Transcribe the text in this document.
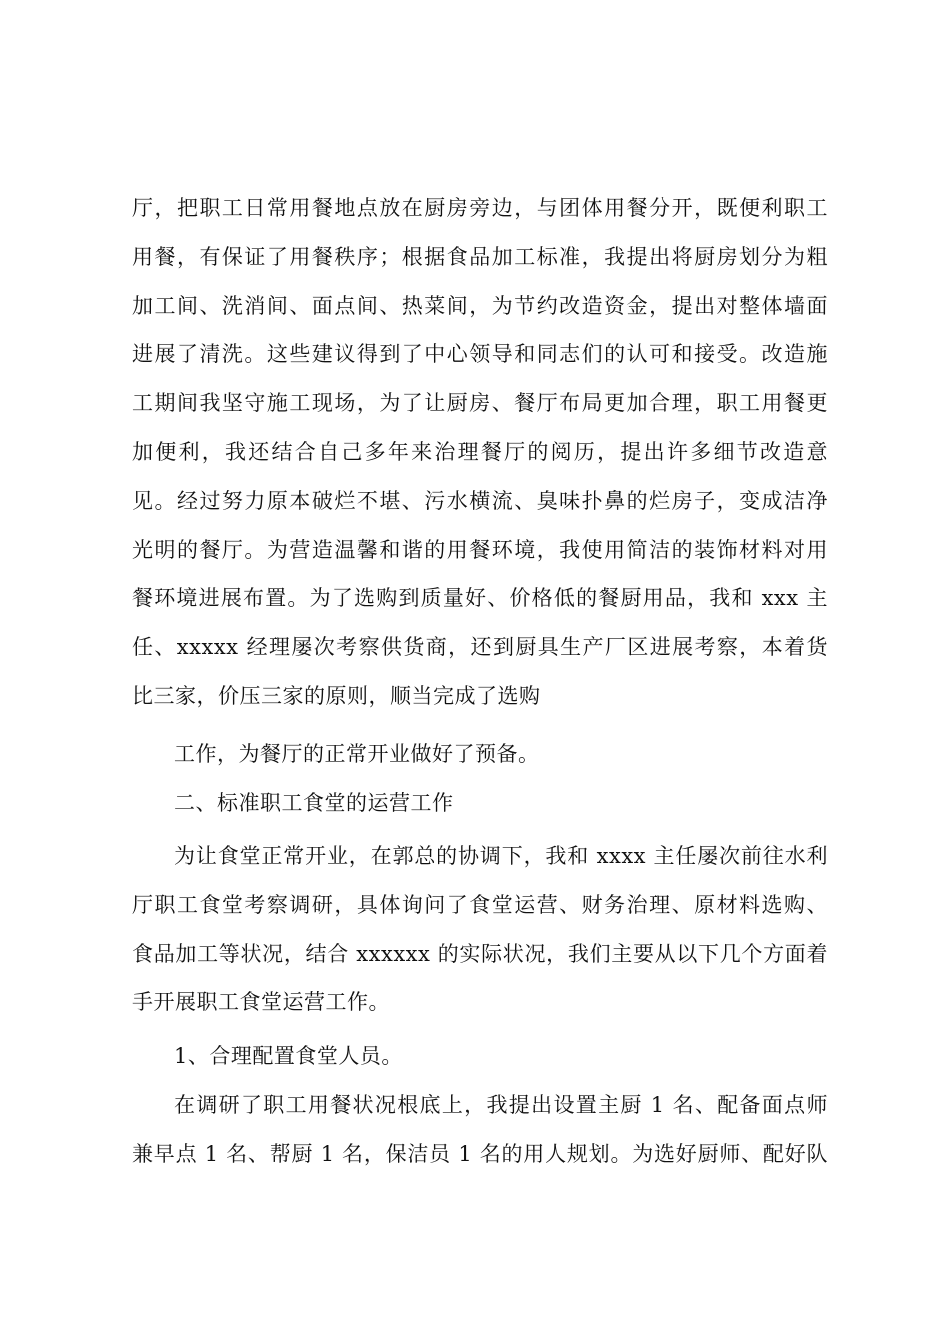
厅，把职工日常用餐地点放在厨房旁边，与团体用餐分开，既便利职工
用餐，有保证了用餐秩序；根据食品加工标准，我提出将厨房划分为粗
加工间、洗消间、面点间、热菜间，为节约改造资金，提出对整体墙面
进展了清洗。这些建议得到了中心领导和同志们的认可和接受。改造施
工期间我坚守施工现场，为了让厨房、餐厅布局更加合理，职工用餐更
加便利，我还结合自己多年来治理餐厅的阅历，提出许多细节改造意
见。经过努力原本破烂不堪、污水横流、臭味扑鼻的烂房子，变成洁净
光明的餐厅。为营造温馨和谐的用餐环境，我使用简洁的装饰材料对用
餐环境进展布置。为了选购到质量好、价格低的餐厨用品，我和 xxx 主
任、xxxxx 经理屡次考察供货商，还到厨具生产厂区进展考察，本着货
比三家，价压三家的原则，顺当完成了选购
工作，为餐厅的正常开业做好了预备。
二、标准职工食堂的运营工作
为让食堂正常开业，在郭总的协调下，我和 xxxx 主任屡次前往水利
厅职工食堂考察调研，具体询问了食堂运营、财务治理、原材料选购、
食品加工等状况，结合 xxxxxx 的实际状况，我们主要从以下几个方面着
手开展职工食堂运营工作。
1、合理配置食堂人员。
在调研了职工用餐状况根底上，我提出设置主厨 1 名、配备面点师
兼早点 1 名、帮厨 1 名，保洁员 1 名的用人规划。为选好厨师、配好队
